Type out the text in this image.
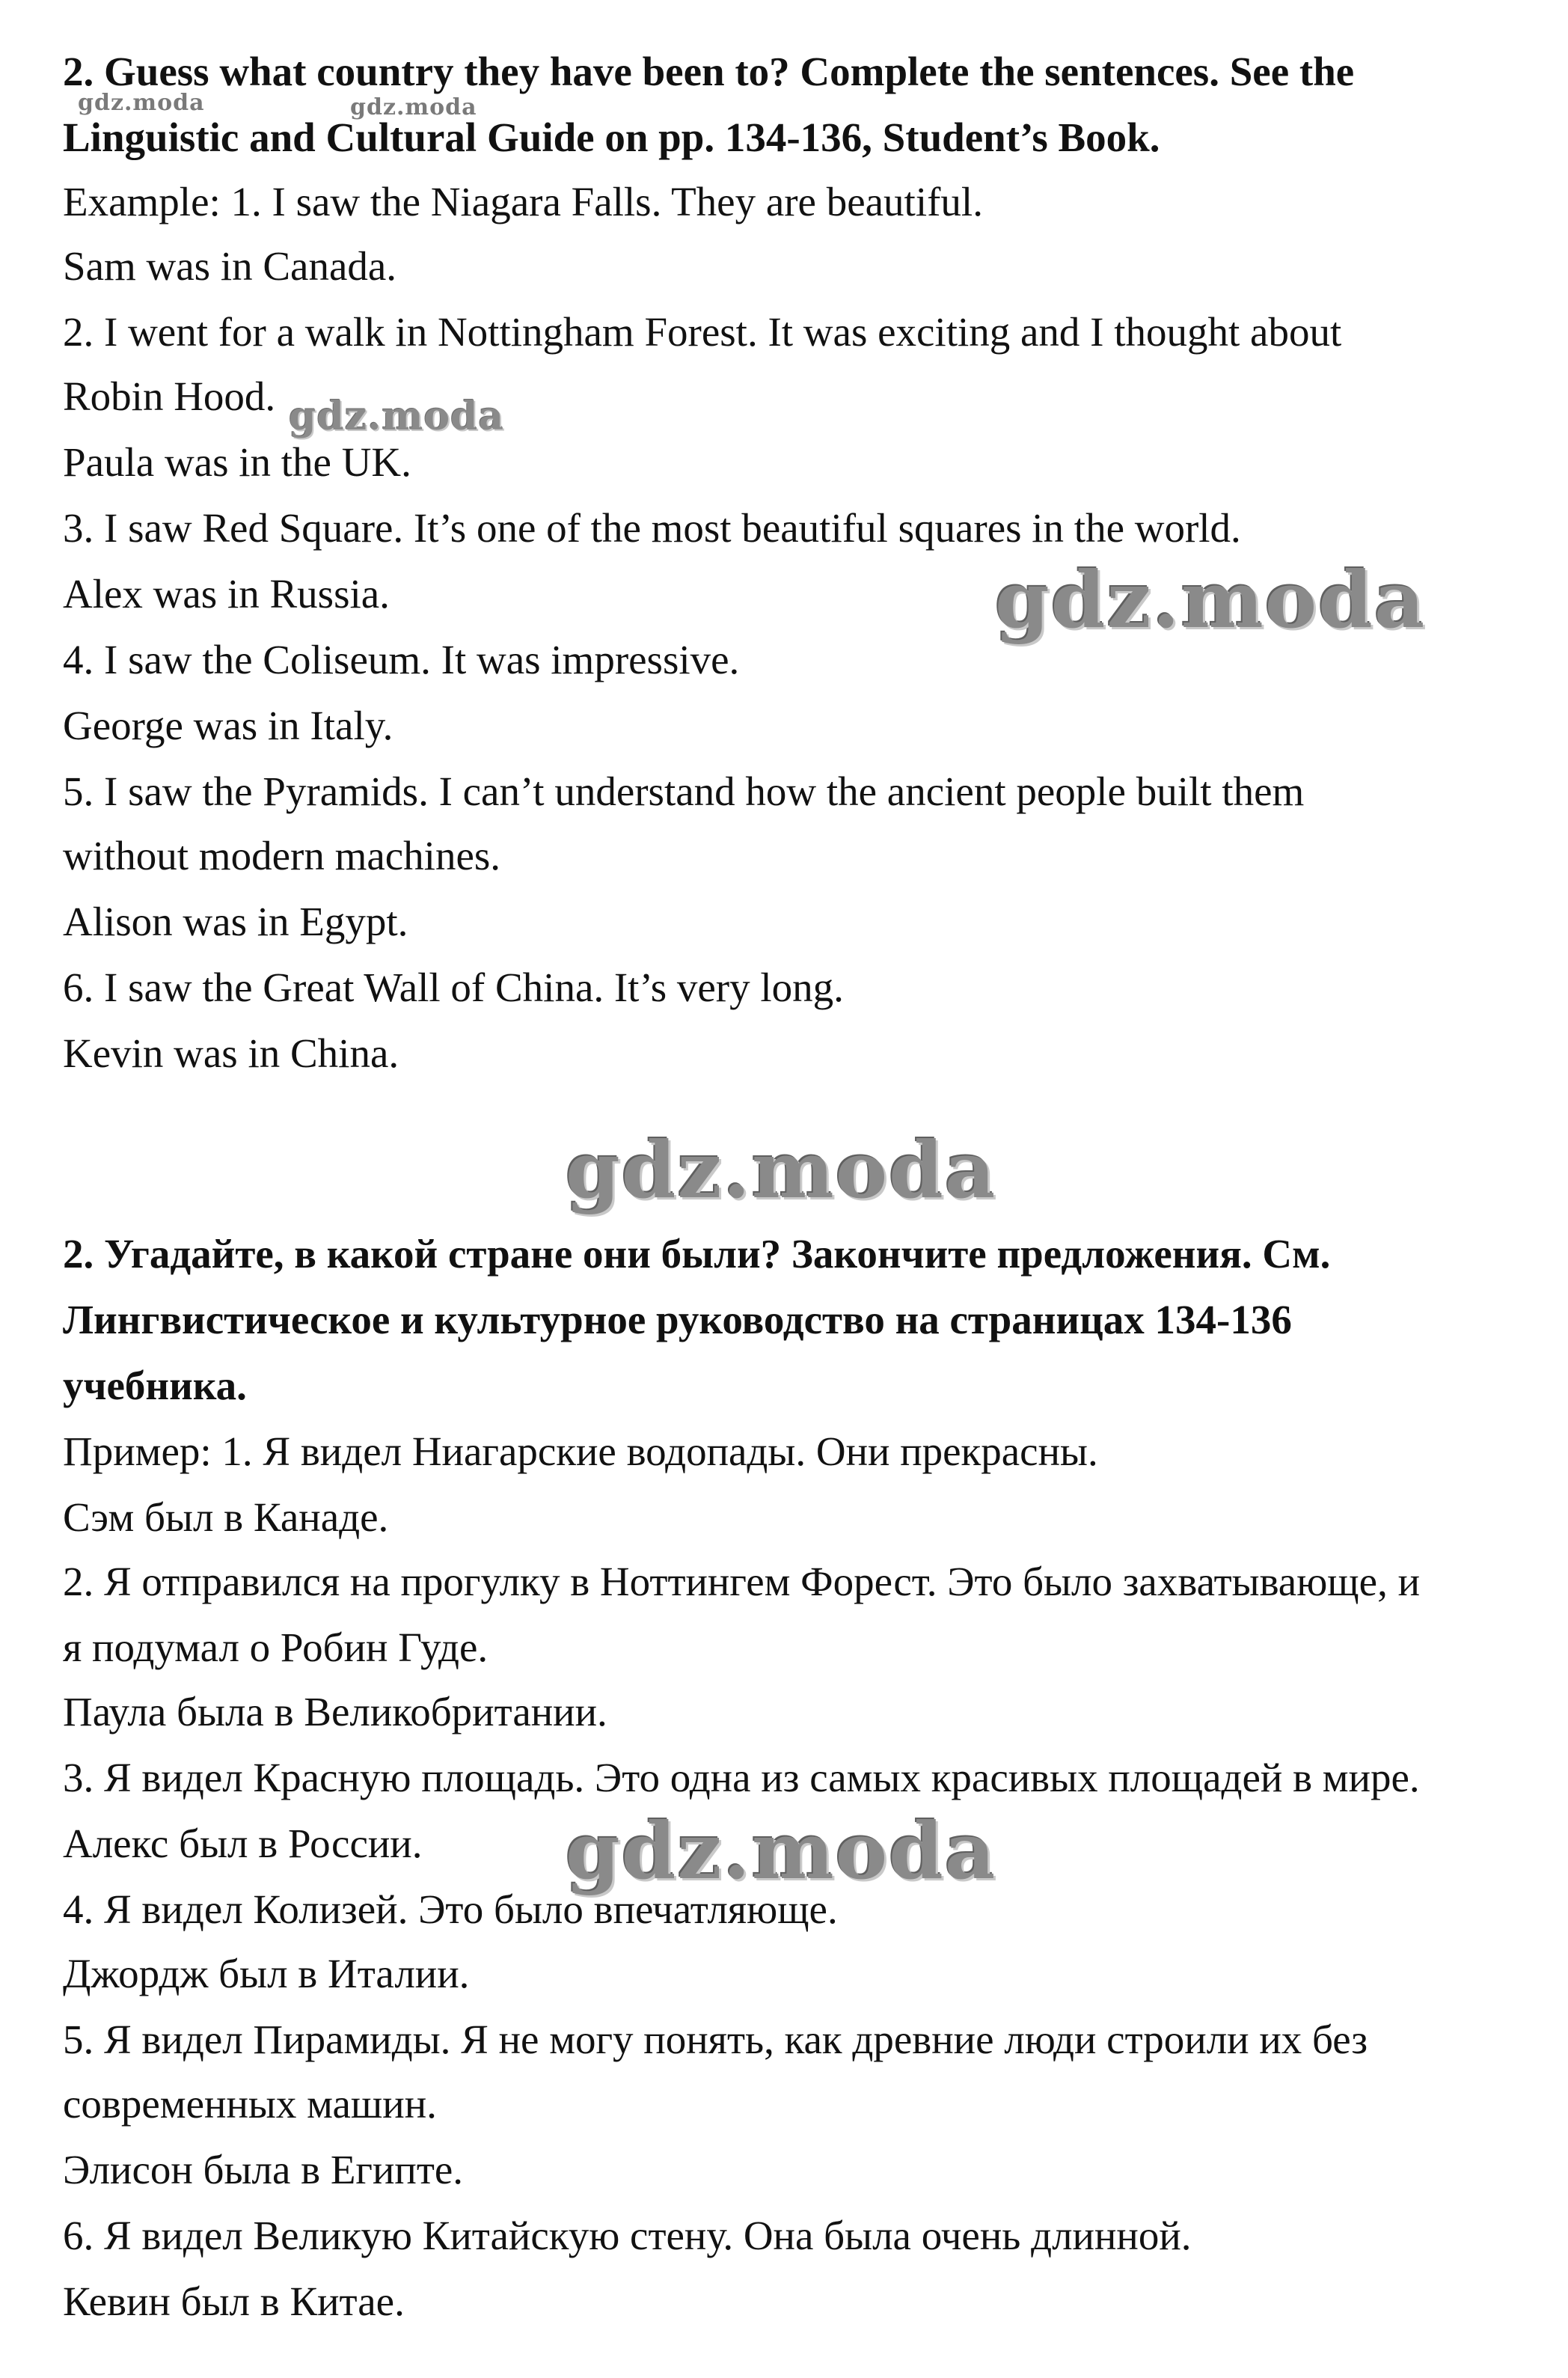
2. Guess what country they have been to? Complete the sentences. See the

Linguistic and Cultural Guide on pp. 134-136, Student’s Book.

Example: 1. I saw the Niagara Falls. They are beautiful.

Sam was in Canada.

2. I went for a walk in Nottingham Forest. It was exciting and I thought about

Robin Hood.

Paula was in the UK.

3. I saw Red Square. It’s one of the most beautiful squares in the world.

Alex was in Russia.

4. I saw the Coliseum. It was impressive.

George was in Italy.

5. I saw the Pyramids. I can’t understand how the ancient people built them

without modern machines.

Alison was in Egypt.

6. I saw the Great Wall of China. It’s very long.

Kevin was in China.

2. Угадайте, в какой стране они были? Закончите предложения. См.

Лингвистическое и культурное руководство на страницах 134-136

учебника.

Пример: 1. Я видел Ниагарские водопады. Они прекрасны.

Сэм был в Канаде.

2. Я отправился на прогулку в Ноттингем Форест. Это было захватывающе, и

я подумал о Робин Гуде.

Паула была в Великобритании.

3. Я видел Красную площадь. Это одна из самых красивых площадей в мире.

Алекс был в России.

4. Я видел Колизей. Это было впечатляюще.

Джордж был в Италии.

5. Я видел Пирамиды. Я не могу понять, как древние люди строили их без

современных машин.

Элисон была в Египте.

6. Я видел Великую Китайскую стену. Она была очень длинной.

Кевин был в Китае.

gdz.moda	gdz.moda
gdz.moda
gdz.moda
gdz.moda
gdz.moda
